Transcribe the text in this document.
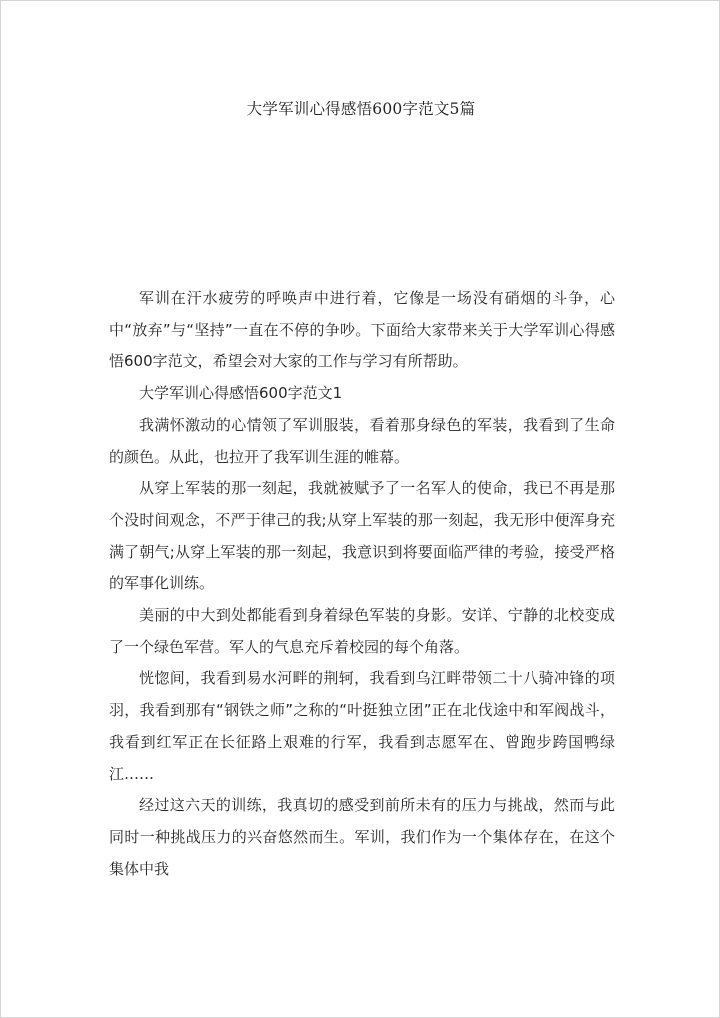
大学军训心得感悟600字范文5篇

军训在汗水疲劳的呼唤声中进行着，它像是一场没有硝烟的斗争，心中“放弃”与“坚持”一直在不停的争吵。下面给大家带来关于大学军训心得感悟600字范文，希望会对大家的工作与学习有所帮助。

大学军训心得感悟600字范文1

我满怀激动的心情领了军训服装，看着那身绿色的军装，我看到了生命的颜色。从此，也拉开了我军训生涯的帷幕。

从穿上军装的那一刻起，我就被赋予了一名军人的使命，我已不再是那个没时间观念，不严于律己的我;从穿上军装的那一刻起，我无形中便浑身充满了朝气;从穿上军装的那一刻起，我意识到将要面临严律的考验，接受严格的军事化训练。

美丽的中大到处都能看到身着绿色军装的身影。安详、宁静的北校变成了一个绿色军营。军人的气息充斥着校园的每个角落。

恍惚间，我看到易水河畔的荆轲，我看到乌江畔带领二十八骑冲锋的项羽，我看到那有“钢铁之师”之称的“叶挺独立团”正在北伐途中和军阀战斗，我看到红军正在长征路上艰难的行军，我看到志愿军在、曾跑步跨国鸭绿江……

经过这六天的训练，我真切的感受到前所未有的压力与挑战，然而与此同时一种挑战压力的兴奋悠然而生。军训，我们作为一个集体存在，在这个集体中我
